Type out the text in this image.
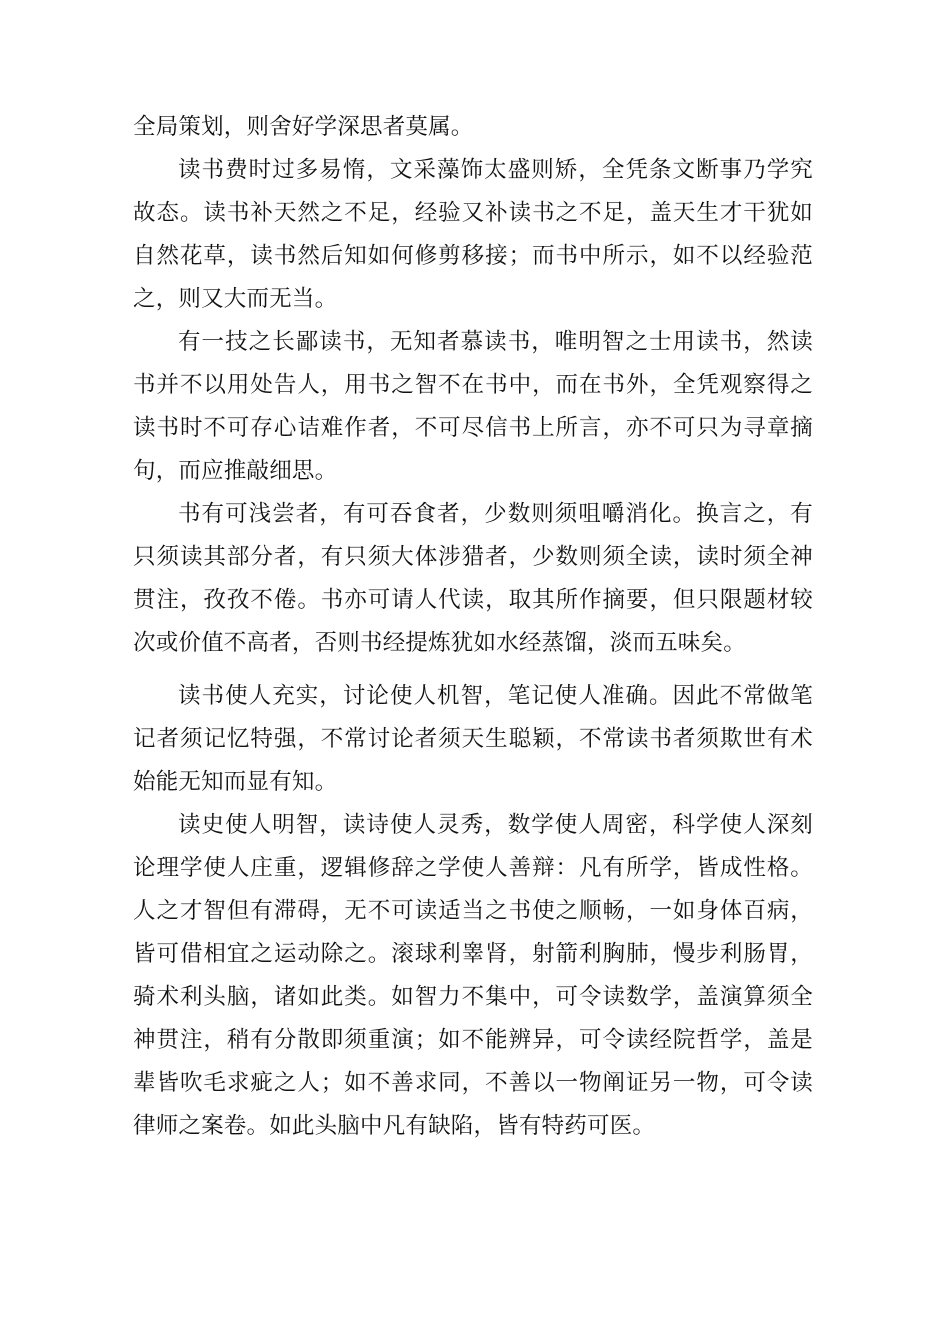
全局策划，则舍好学深思者莫属。

读书费时过多易惰，文采藻饰太盛则矫，全凭条文断事乃学究故态。读书补天然之不足，经验又补读书之不足，盖天生才干犹如自然花草，读书然后知如何修剪移接；而书中所示，如不以经验范之，则又大而无当。

有一技之长鄙读书，无知者慕读书，唯明智之士用读书，然读书并不以用处告人，用书之智不在书中，而在书外，全凭观察得之读书时不可存心诘难作者，不可尽信书上所言，亦不可只为寻章摘句，而应推敲细思。

书有可浅尝者，有可吞食者，少数则须咀嚼消化。换言之，有只须读其部分者，有只须大体涉猎者，少数则须全读，读时须全神贯注，孜孜不倦。书亦可请人代读，取其所作摘要，但只限题材较次或价值不高者，否则书经提炼犹如水经蒸馏，淡而五味矣。

读书使人充实，讨论使人机智，笔记使人准确。因此不常做笔记者须记忆特强，不常讨论者须天生聪颖，不常读书者须欺世有术始能无知而显有知。

读史使人明智，读诗使人灵秀，数学使人周密，科学使人深刻论理学使人庄重，逻辑修辞之学使人善辩：凡有所学，皆成性格。人之才智但有滞碍，无不可读适当之书使之顺畅，一如身体百病，皆可借相宜之运动除之。滚球利睾肾，射箭利胸肺，慢步利肠胃，骑术利头脑，诸如此类。如智力不集中，可令读数学，盖演算须全神贯注，稍有分散即须重演；如不能辨异，可令读经院哲学，盖是辈皆吹毛求疵之人；如不善求同，不善以一物阐证另一物，可令读律师之案卷。如此头脑中凡有缺陷，皆有特药可医。
